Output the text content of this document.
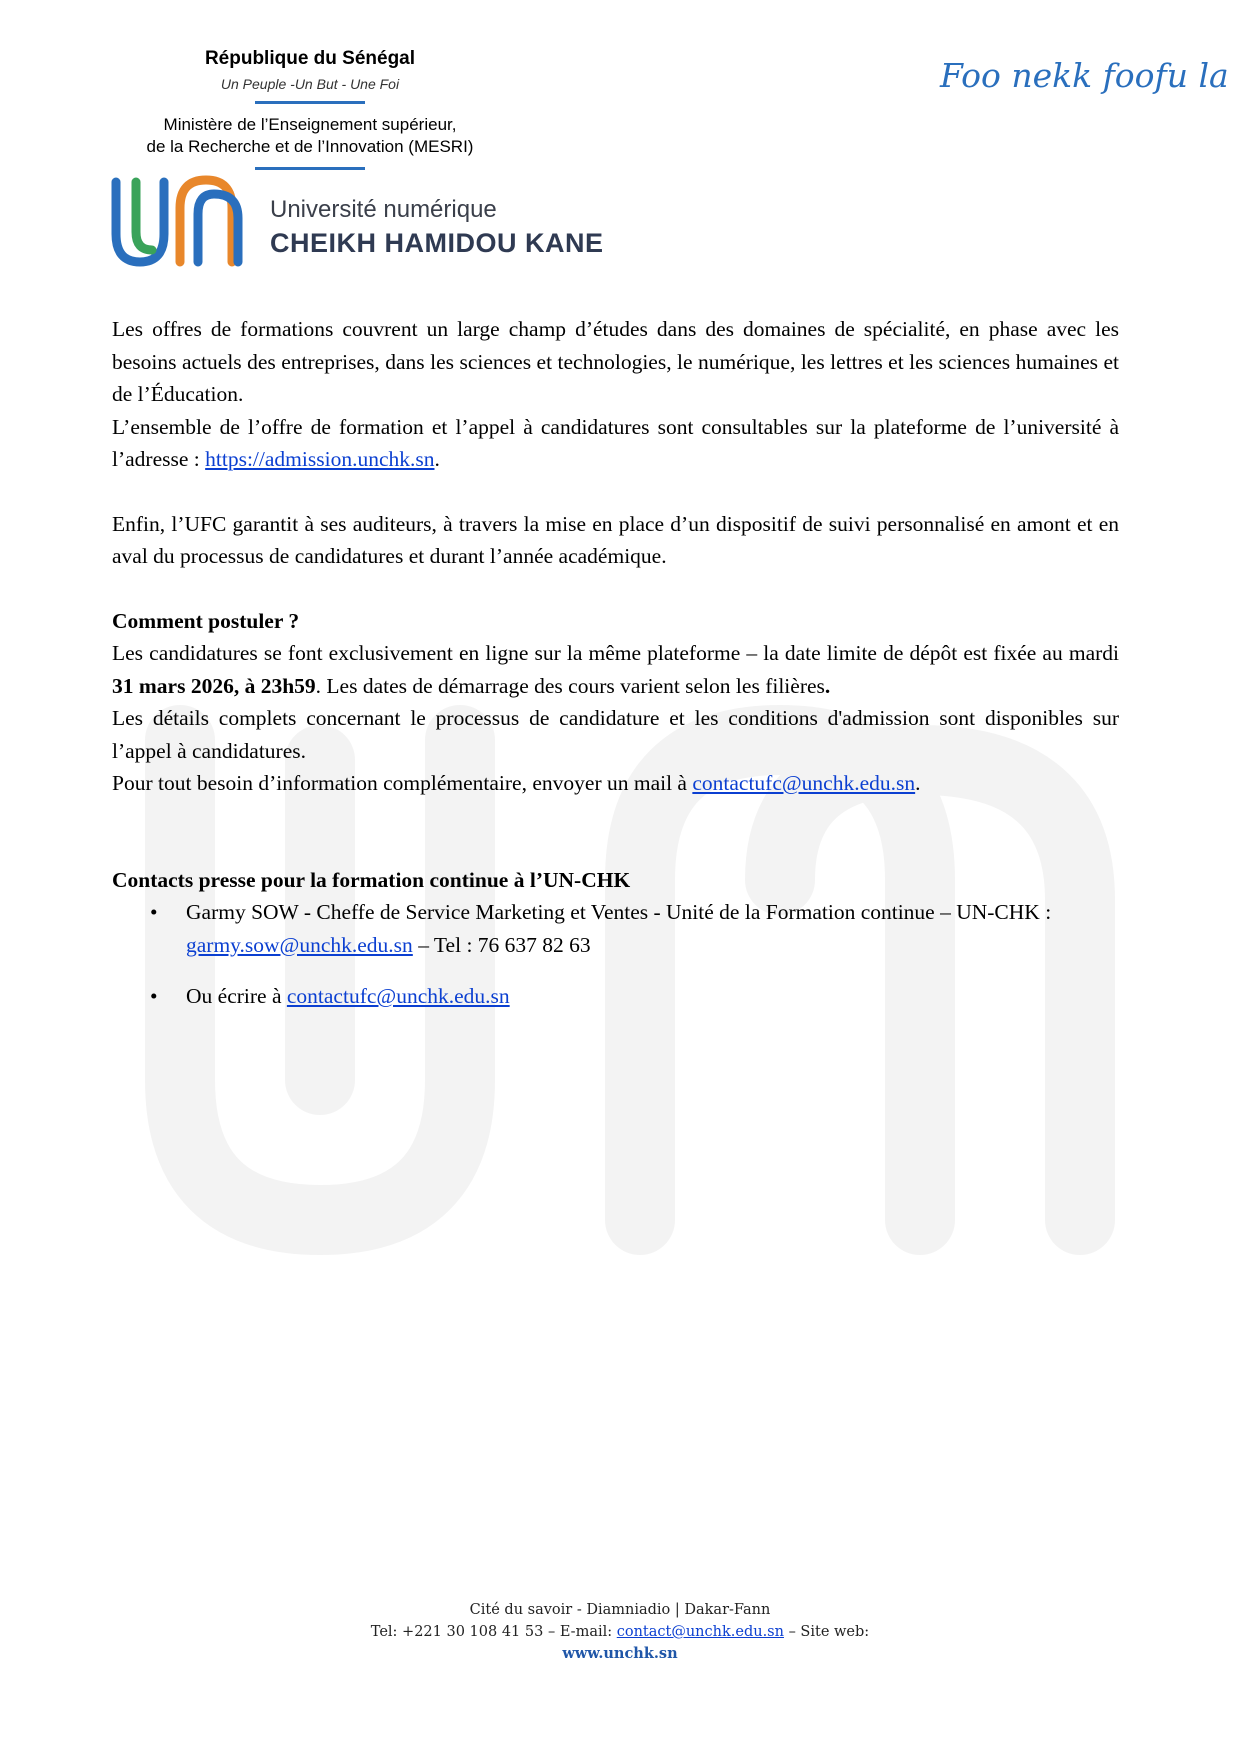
République du Sénégal
Un Peuple -Un But - Une Foi
Ministère de l’Enseignement supérieur,
de la Recherche et de l’Innovation (MESRI)
Université numérique
CHEIKH HAMIDOU KANE
Foo nekk foofu la

Les offres de formations couvrent un large champ d’études dans des domaines de spécialité, en phase avec les besoins actuels des entreprises, dans les sciences et technologies, le numérique, les lettres et les sciences humaines et de l’Éducation.

L’ensemble de l’offre de formation et l’appel à candidatures sont consultables sur la plateforme de l’université à l’adresse : https://admission.unchk.sn.

Enfin, l’UFC garantit à ses auditeurs, à travers la mise en place d’un dispositif de suivi personnalisé en amont et en aval du processus de candidatures et durant l’année académique.

Comment postuler ?

Les candidatures se font exclusivement en ligne sur la même plateforme – la date limite de dépôt est fixée au mardi 31 mars 2026, à 23h59. Les dates de démarrage des cours varient selon les filières.

Les détails complets concernant le processus de candidature et les conditions d'admission sont disponibles sur l’appel à candidatures.

Pour tout besoin d’information complémentaire, envoyer un mail à contactufc@unchk.edu.sn.

Contacts presse pour la formation continue à l’UN-CHK
• Garmy SOW - Cheffe de Service Marketing et Ventes - Unité de la Formation continue – UN-CHK : garmy.sow@unchk.edu.sn – Tel : 76 637 82 63
• Ou écrire à contactufc@unchk.edu.sn
Cité du savoir - Diamniadio | Dakar-Fann
Tel: +221 30 108 41 53 – E-mail: contact@unchk.edu.sn – Site web:
www.unchk.sn
